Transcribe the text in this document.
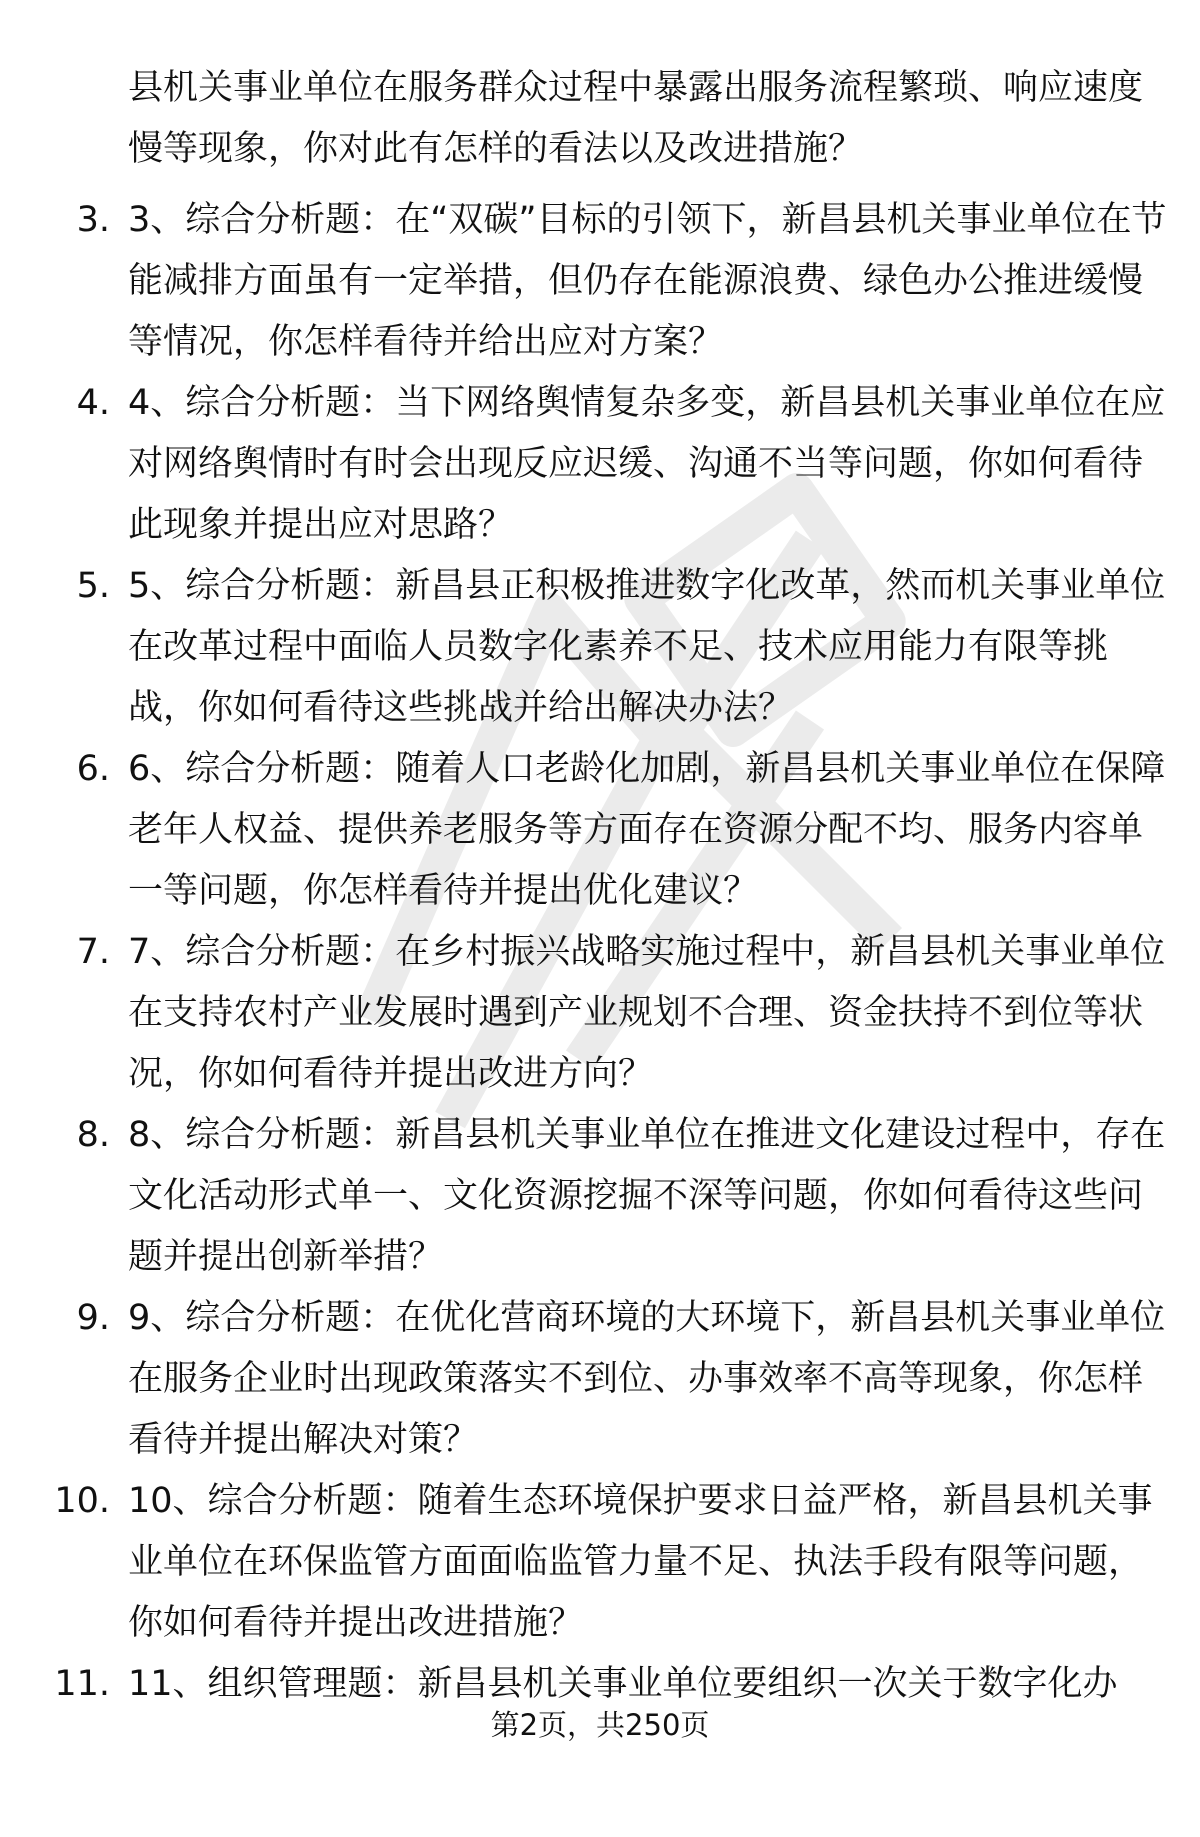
县机关事业单位在服务群众过程中暴露出服务流程繁琐、响应速度慢等现象，你对此有怎样的看法以及改进措施？

3. 3、综合分析题：在“双碳”目标的引领下，新昌县机关事业单位在节能减排方面虽有一定举措，但仍存在能源浪费、绿色办公推进缓慢等情况，你怎样看待并给出应对方案？

4. 4、综合分析题：当下网络舆情复杂多变，新昌县机关事业单位在应对网络舆情时有时会出现反应迟缓、沟通不当等问题，你如何看待此现象并提出应对思路？

5. 5、综合分析题：新昌县正积极推进数字化改革，然而机关事业单位在改革过程中面临人员数字化素养不足、技术应用能力有限等挑战，你如何看待这些挑战并给出解决办法？

6. 6、综合分析题：随着人口老龄化加剧，新昌县机关事业单位在保障老年人权益、提供养老服务等方面存在资源分配不均、服务内容单一等问题，你怎样看待并提出优化建议？

7. 7、综合分析题：在乡村振兴战略实施过程中，新昌县机关事业单位在支持农村产业发展时遇到产业规划不合理、资金扶持不到位等状况，你如何看待并提出改进方向？

8. 8、综合分析题：新昌县机关事业单位在推进文化建设过程中，存在文化活动形式单一、文化资源挖掘不深等问题，你如何看待这些问题并提出创新举措？

9. 9、综合分析题：在优化营商环境的大环境下，新昌县机关事业单位在服务企业时出现政策落实不到位、办事效率不高等现象，你怎样看待并提出解决对策？

10. 10、综合分析题：随着生态环境保护要求日益严格，新昌县机关事业单位在环保监管方面面临监管力量不足、执法手段有限等问题，你如何看待并提出改进措施？

11. 11、组织管理题：新昌县机关事业单位要组织一次关于数字化办

第2页，共250页
